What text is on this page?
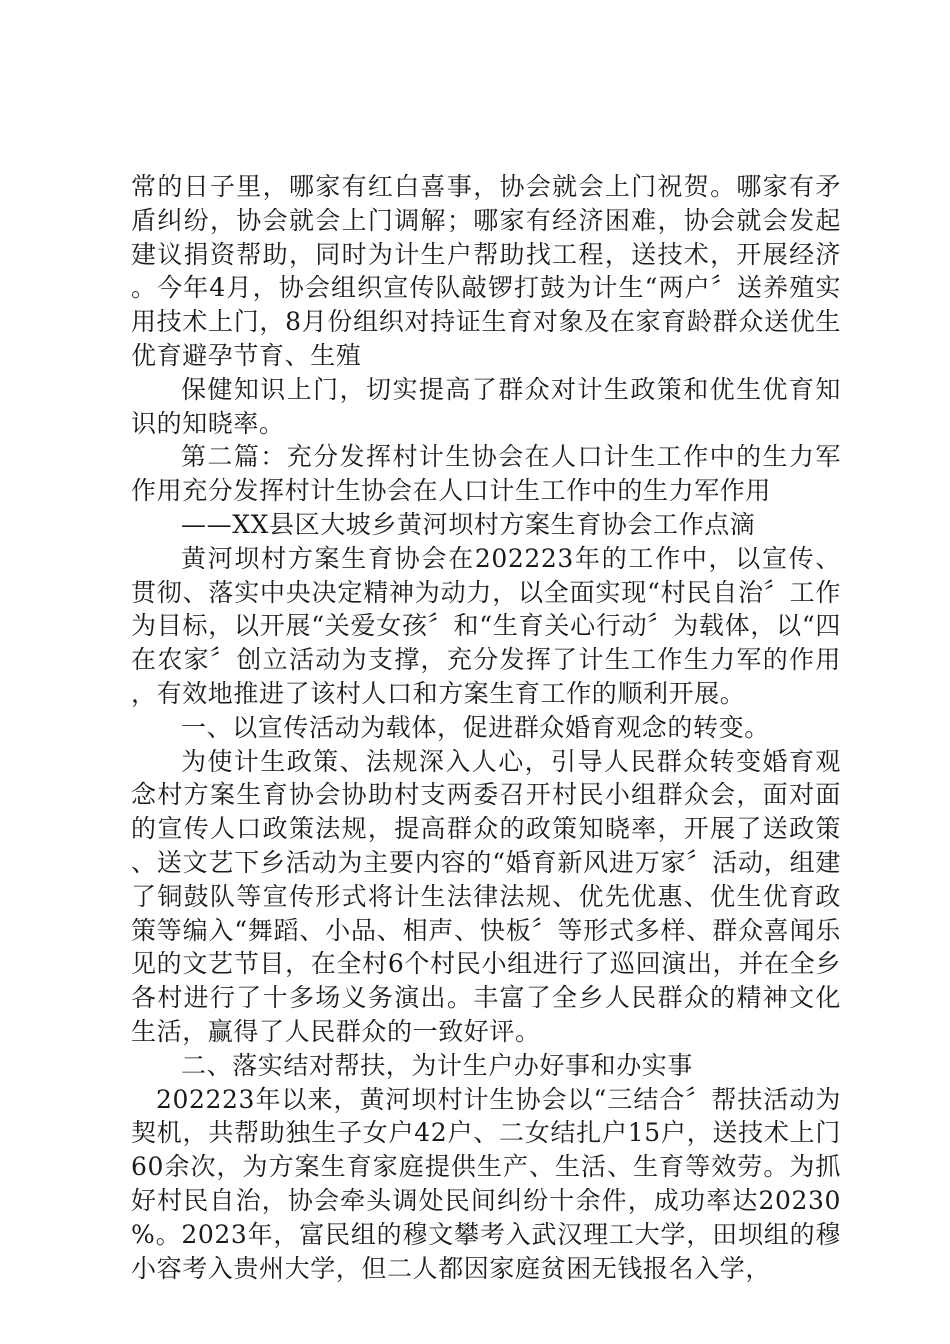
常的日子里，哪家有红白喜事，协会就会上门祝贺。哪家有矛盾纠纷，协会就会上门调解；哪家有经济困难，协会就会发起建议捐资帮助，同时为计生户帮助找工程，送技术，开展经济。今年4月，协会组织宣传队敲锣打鼓为计生“两户〞送养殖实用技术上门，8月份组织对持证生育对象及在家育龄群众送优生优育避孕节育、生殖

保健知识上门，切实提高了群众对计生政策和优生优育知识的知晓率。

第二篇：充分发挥村计生协会在人口计生工作中的生力军作用充分发挥村计生协会在人口计生工作中的生力军作用

——XX县区大坡乡黄河坝村方案生育协会工作点滴

黄河坝村方案生育协会在202223年的工作中，以宣传、贯彻、落实中央决定精神为动力，以全面实现“村民自治〞工作为目标，以开展“关爱女孩〞和“生育关心行动〞为载体，以“四在农家〞创立活动为支撑，充分发挥了计生工作生力军的作用，有效地推进了该村人口和方案生育工作的顺利开展。

一、以宣传活动为载体，促进群众婚育观念的转变。

为使计生政策、法规深入人心，引导人民群众转变婚育观念村方案生育协会协助村支两委召开村民小组群众会，面对面的宣传人口政策法规，提高群众的政策知晓率，开展了送政策、送文艺下乡活动为主要内容的“婚育新风进万家〞活动，组建了铜鼓队等宣传形式将计生法律法规、优先优惠、优生优育政策等编入“舞蹈、小品、相声、快板〞等形式多样、群众喜闻乐见的文艺节目，在全村6个村民小组进行了巡回演出，并在全乡各村进行了十多场义务演出。丰富了全乡人民群众的精神文化生活，赢得了人民群众的一致好评。

二、落实结对帮扶，为计生户办好事和办实事

202223年以来，黄河坝村计生协会以“三结合〞帮扶活动为契机，共帮助独生子女户42户、二女结扎户15户，送技术上门60余次，为方案生育家庭提供生产、生活、生育等效劳。为抓好村民自治，协会牵头调处民间纠纷十余件，成功率达20230%。2023年，富民组的穆文攀考入武汉理工大学，田坝组的穆小容考入贵州大学，但二人都因家庭贫困无钱报名入学，
